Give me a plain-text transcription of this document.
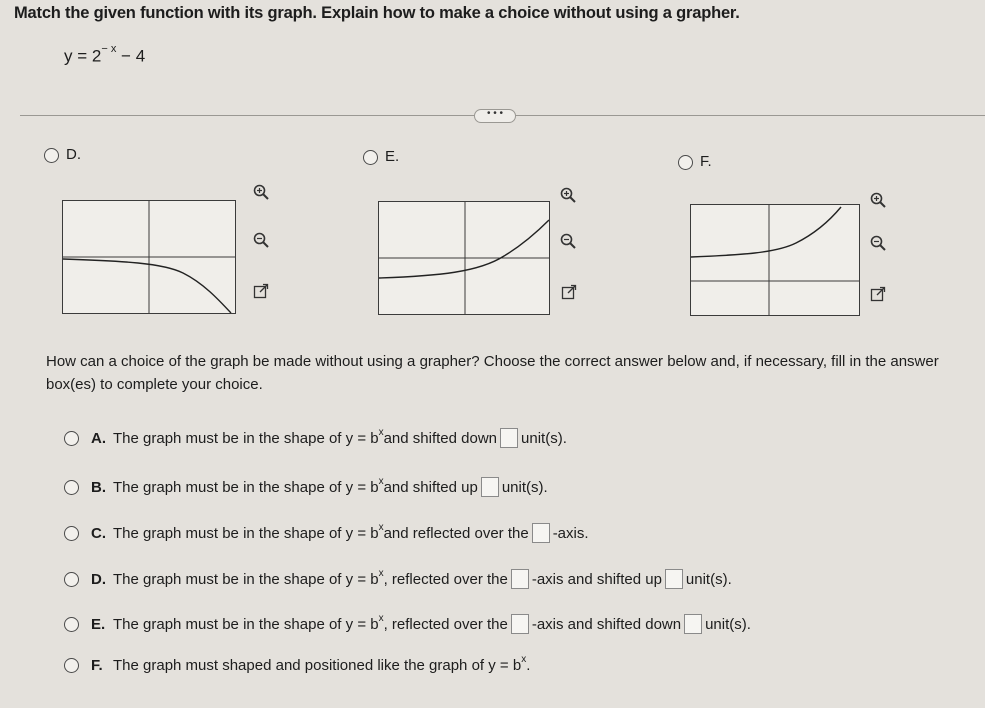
Match the given function with its graph. Explain how to make a choice without using a grapher.
$y = 2^{- x} - 4$
• • •
D.	E.	F.
How can a choice of the graph be made without using a grapher? Choose the correct answer below and, if necessary, fill in the answer box(es) to complete your choice.
A. The graph must be in the shape of y = b x and shifted down unit(s).
B. The graph must be in the shape of y = b x and shifted up unit(s).
C. The graph must be in the shape of y = b x and reflected over the -axis.
D. The graph must be in the shape of y = b x , reflected over the -axis and shifted up unit(s).
E. The graph must be in the shape of y = b x , reflected over the -axis and shifted down unit(s).
F. The graph must shaped and positioned like the graph of y = b x .
